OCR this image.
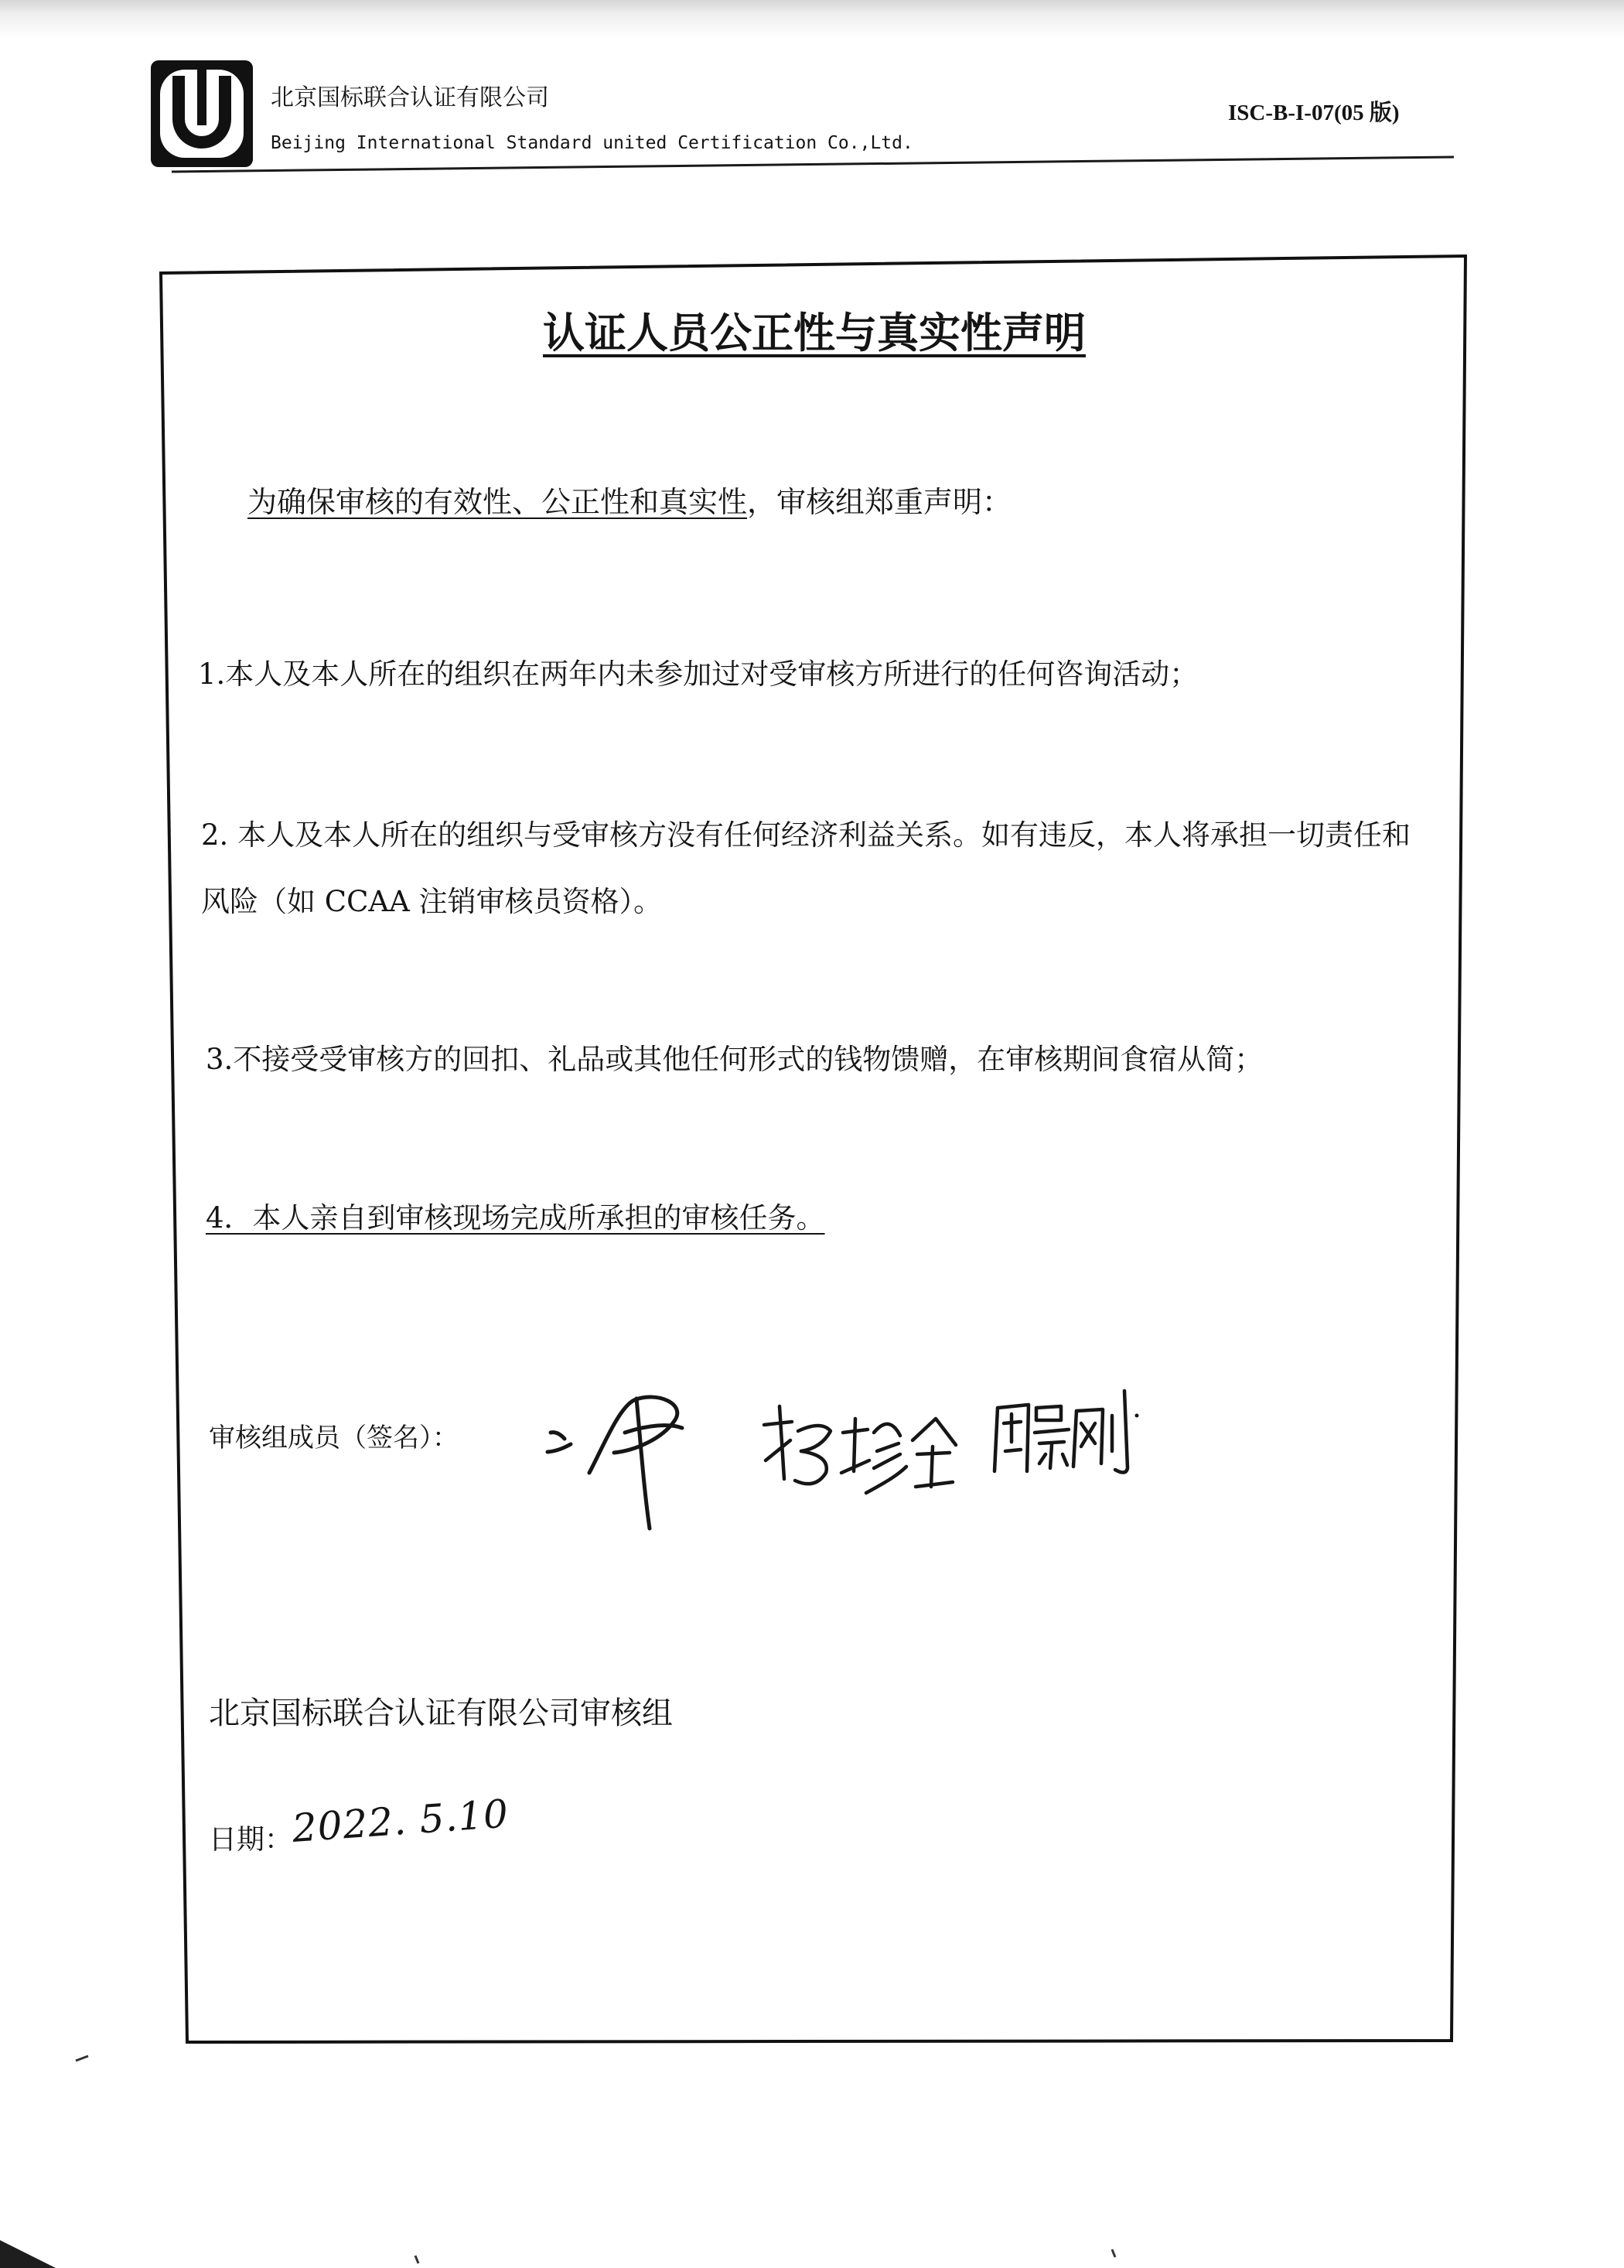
北京国标联合认证有限公司
Beijing International Standard united Certification Co.,Ltd.
ISC-B-I-07(05 版)
认证人员公正性与真实性声明
为确保审核的有效性、公正性和真实性，审核组郑重声明：
1.本人及本人所在的组织在两年内未参加过对受审核方所进行的任何咨询活动；
2. 本人及本人所在的组织与受审核方没有任何经济利益关系。如有违反，本人将承担一切责任和
风险（如 CCAA 注销审核员资格）。
3.不接受受审核方的回扣、礼品或其他任何形式的钱物馈赠，在审核期间食宿从简；
4．本人亲自到审核现场完成所承担的审核任务。
审核组成员（签名）：
北京国标联合认证有限公司审核组
日期：
2022. 5.10
